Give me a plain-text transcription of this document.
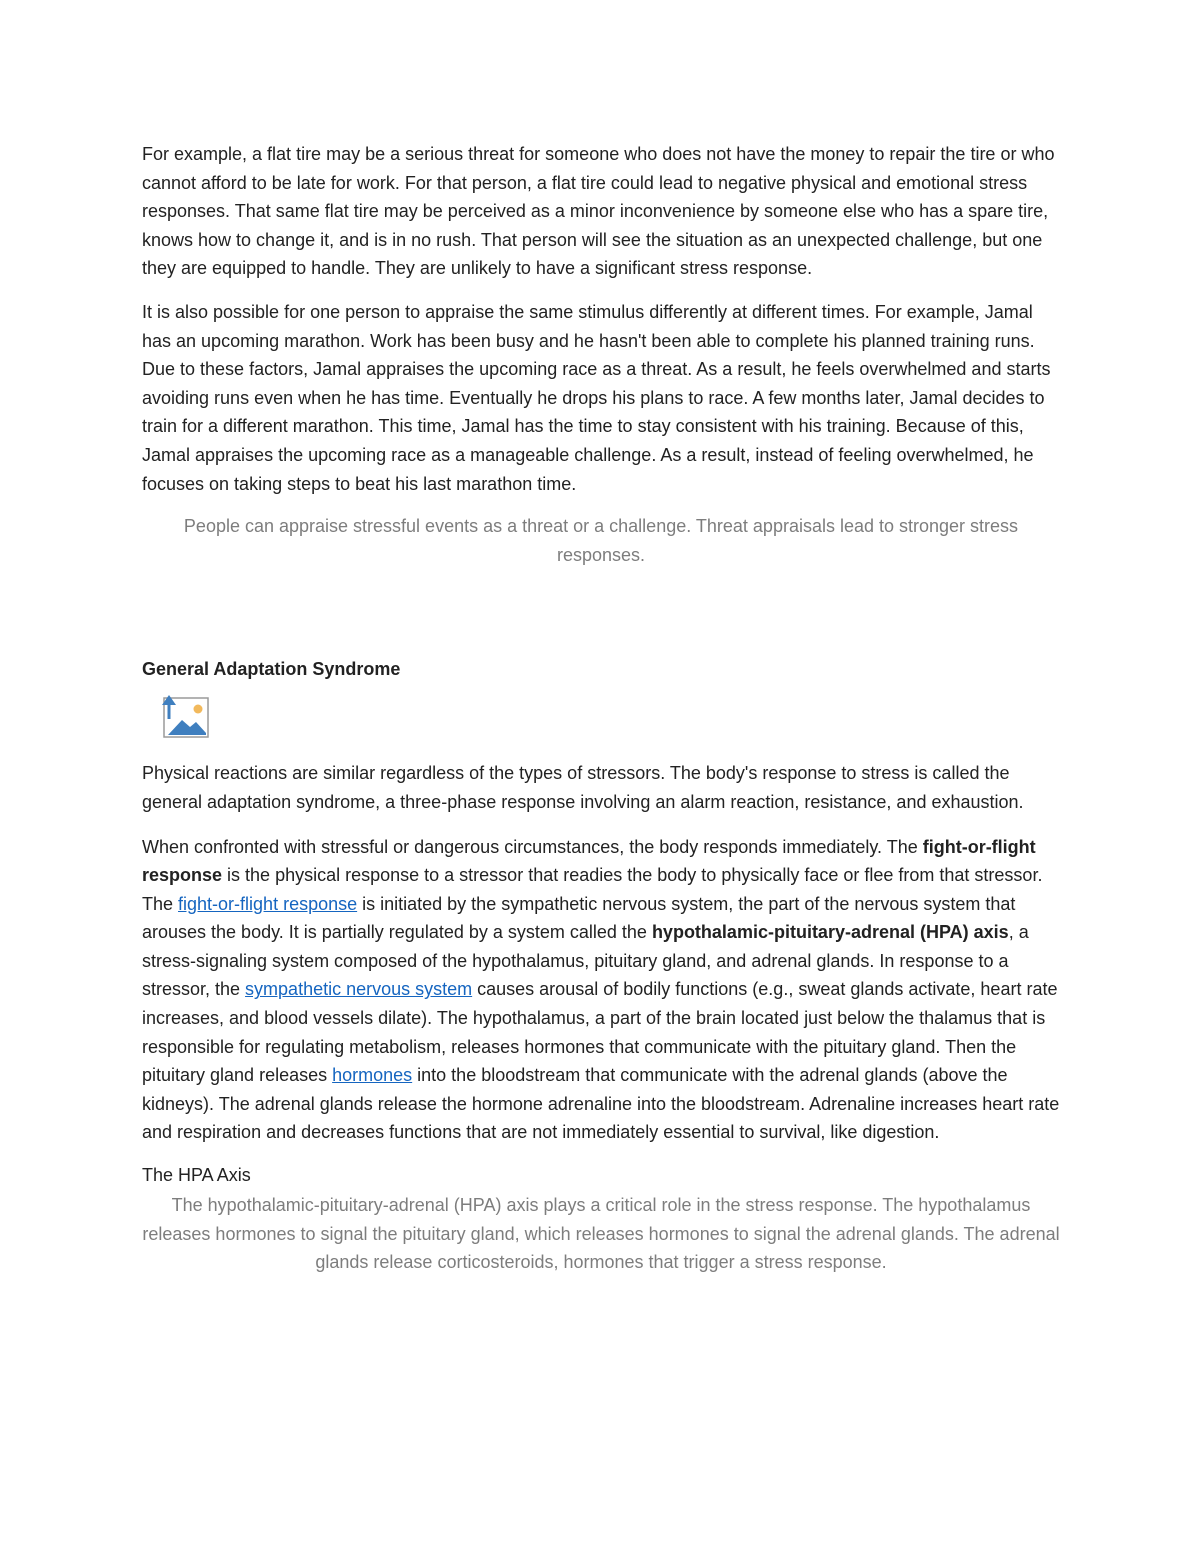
For example, a flat tire may be a serious threat for someone who does not have the money to repair the tire or who cannot afford to be late for work. For that person, a flat tire could lead to negative physical and emotional stress responses. That same flat tire may be perceived as a minor inconvenience by someone else who has a spare tire, knows how to change it, and is in no rush. That person will see the situation as an unexpected challenge, but one they are equipped to handle. They are unlikely to have a significant stress response.

It is also possible for one person to appraise the same stimulus differently at different times. For example, Jamal has an upcoming marathon. Work has been busy and he hasn't been able to complete his planned training runs. Due to these factors, Jamal appraises the upcoming race as a threat. As a result, he feels overwhelmed and starts avoiding runs even when he has time. Eventually he drops his plans to race. A few months later, Jamal decides to train for a different marathon. This time, Jamal has the time to stay consistent with his training. Because of this, Jamal appraises the upcoming race as a manageable challenge. As a result, instead of feeling overwhelmed, he focuses on taking steps to beat his last marathon time.

People can appraise stressful events as a threat or a challenge. Threat appraisals lead to stronger stress responses.

General Adaptation Syndrome

Physical reactions are similar regardless of the types of stressors. The body's response to stress is called the general adaptation syndrome, a three-phase response involving an alarm reaction, resistance, and exhaustion.

When confronted with stressful or dangerous circumstances, the body responds immediately. The fight-or-flight response is the physical response to a stressor that readies the body to physically face or flee from that stressor. The fight-or-flight response is initiated by the sympathetic nervous system, the part of the nervous system that arouses the body. It is partially regulated by a system called the hypothalamic-pituitary-adrenal (HPA) axis, a stress-signaling system composed of the hypothalamus, pituitary gland, and adrenal glands. In response to a stressor, the sympathetic nervous system causes arousal of bodily functions (e.g., sweat glands activate, heart rate increases, and blood vessels dilate). The hypothalamus, a part of the brain located just below the thalamus that is responsible for regulating metabolism, releases hormones that communicate with the pituitary gland. Then the pituitary gland releases hormones into the bloodstream that communicate with the adrenal glands (above the kidneys). The adrenal glands release the hormone adrenaline into the bloodstream. Adrenaline increases heart rate and respiration and decreases functions that are not immediately essential to survival, like digestion.

The HPA Axis

The hypothalamic-pituitary-adrenal (HPA) axis plays a critical role in the stress response. The hypothalamus releases hormones to signal the pituitary gland, which releases hormones to signal the adrenal glands. The adrenal glands release corticosteroids, hormones that trigger a stress response.
